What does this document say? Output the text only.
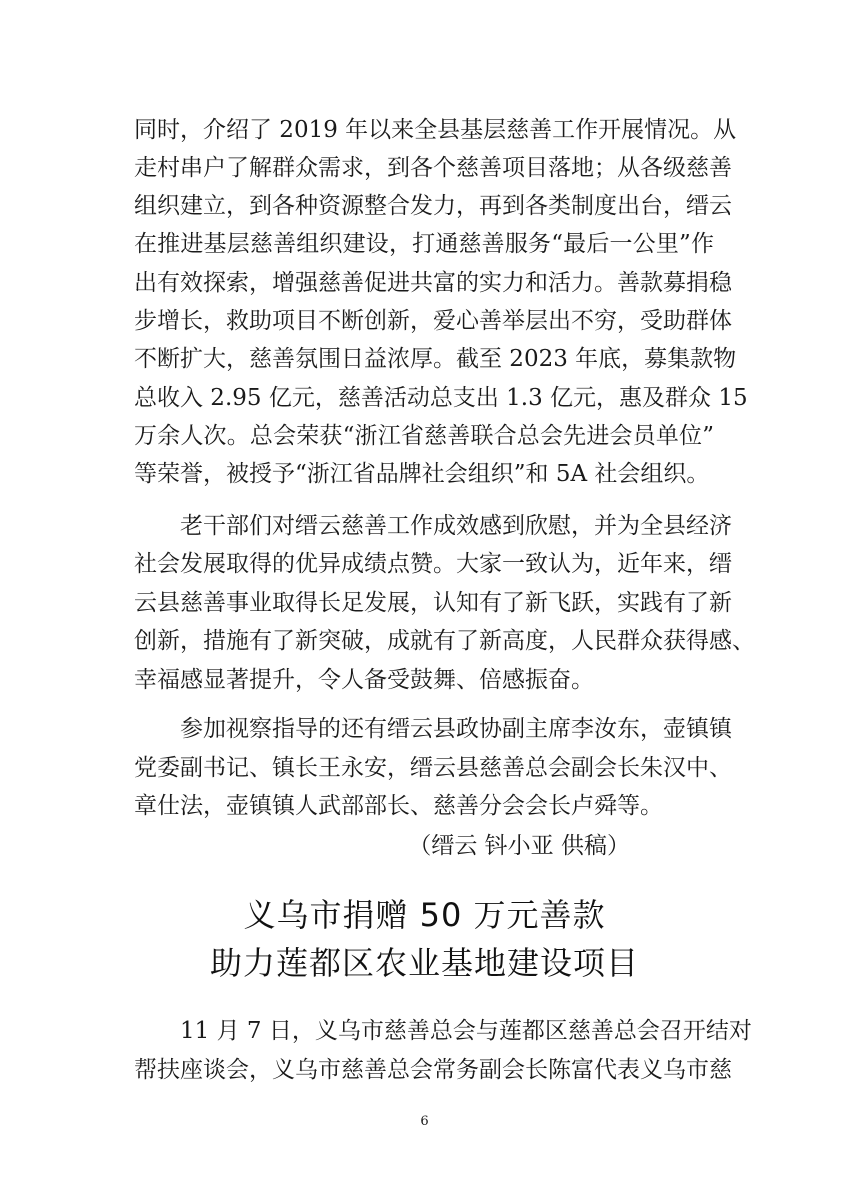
同时，介绍了 2019 年以来全县基层慈善工作开展情况。从

走村串户了解群众需求，到各个慈善项目落地；从各级慈善

组织建立，到各种资源整合发力，再到各类制度出台，缙云

在推进基层慈善组织建设，打通慈善服务“最后一公里”作

出有效探索，增强慈善促进共富的实力和活力。善款募捐稳

步增长，救助项目不断创新，爱心善举层出不穷，受助群体

不断扩大，慈善氛围日益浓厚。截至 2023 年底，募集款物

总收入 2.95 亿元，慈善活动总支出 1.3 亿元，惠及群众 15

万余人次。总会荣获“浙江省慈善联合总会先进会员单位”

等荣誉，被授予“浙江省品牌社会组织”和 5A 社会组织。

老干部们对缙云慈善工作成效感到欣慰，并为全县经济

社会发展取得的优异成绩点赞。大家一致认为，近年来，缙

云县慈善事业取得长足发展，认知有了新飞跃，实践有了新

创新，措施有了新突破，成就有了新高度，人民群众获得感、

幸福感显著提升，令人备受鼓舞、倍感振奋。

参加视察指导的还有缙云县政协副主席李汝东，壶镇镇

党委副书记、镇长王永安，缙云县慈善总会副会长朱汉中、

章仕法，壶镇镇人武部部长、慈善分会会长卢舜等。

（缙云 钭小亚 供稿）

义乌市捐赠 50 万元善款
助力莲都区农业基地建设项目

11 月 7 日，义乌市慈善总会与莲都区慈善总会召开结对

帮扶座谈会，义乌市慈善总会常务副会长陈富代表义乌市慈

6
